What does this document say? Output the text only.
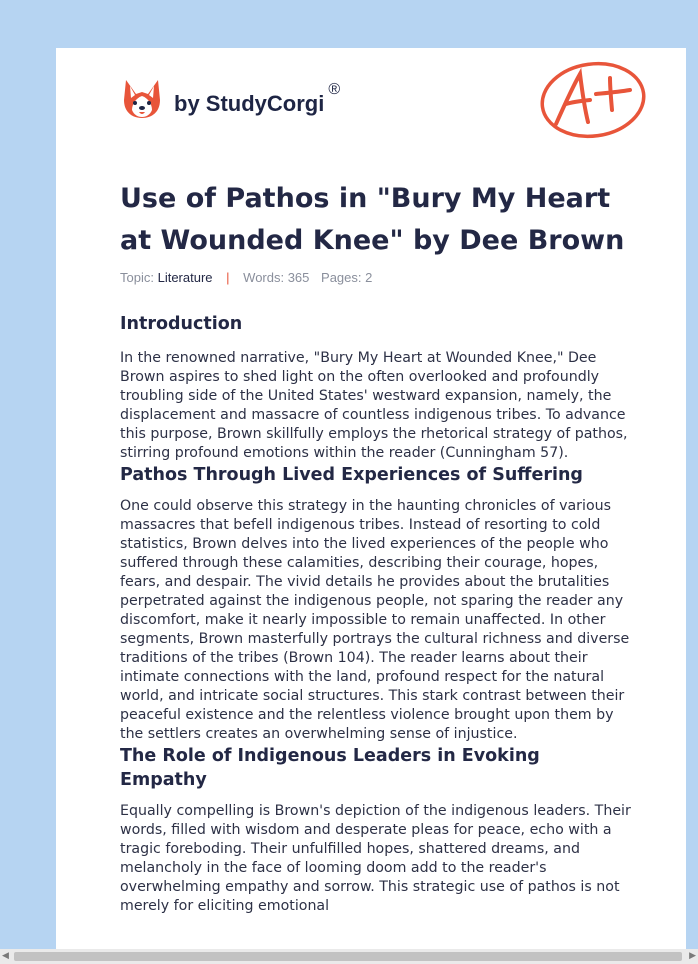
by StudyCorgi
®
Use of Pathos in "Bury My Heart at Wounded Knee" by Dee Brown
Topic: Literature | Words: 365 Pages: 2
Introduction

In the renowned narrative, "Bury My Heart at Wounded Knee," Dee Brown aspires to shed light on the often overlooked and profoundly troubling side of the United States' westward expansion, namely, the displacement and massacre of countless indigenous tribes. To advance this purpose, Brown skillfully employs the rhetorical strategy of pathos, stirring profound emotions within the reader (Cunningham 57).

Pathos Through Lived Experiences of Suffering

One could observe this strategy in the haunting chronicles of various massacres that befell indigenous tribes. Instead of resorting to cold statistics, Brown delves into the lived experiences of the people who suffered through these calamities, describing their courage, hopes, fears, and despair. The vivid details he provides about the brutalities perpetrated against the indigenous people, not sparing the reader any discomfort, make it nearly impossible to remain unaffected. In other segments, Brown masterfully portrays the cultural richness and diverse traditions of the tribes (Brown 104). The reader learns about their intimate connections with the land, profound respect for the natural world, and intricate social structures. This stark contrast between their peaceful existence and the relentless violence brought upon them by the settlers creates an overwhelming sense of injustice.

The Role of Indigenous Leaders in Evoking Empathy

Equally compelling is Brown's depiction of the indigenous leaders. Their words, filled with wisdom and desperate pleas for peace, echo with a tragic foreboding. Their unfulfilled hopes, shattered dreams, and melancholy in the face of looming doom add to the reader's overwhelming empathy and sorrow. This strategic use of pathos is not merely for eliciting emotional

◀	▶
